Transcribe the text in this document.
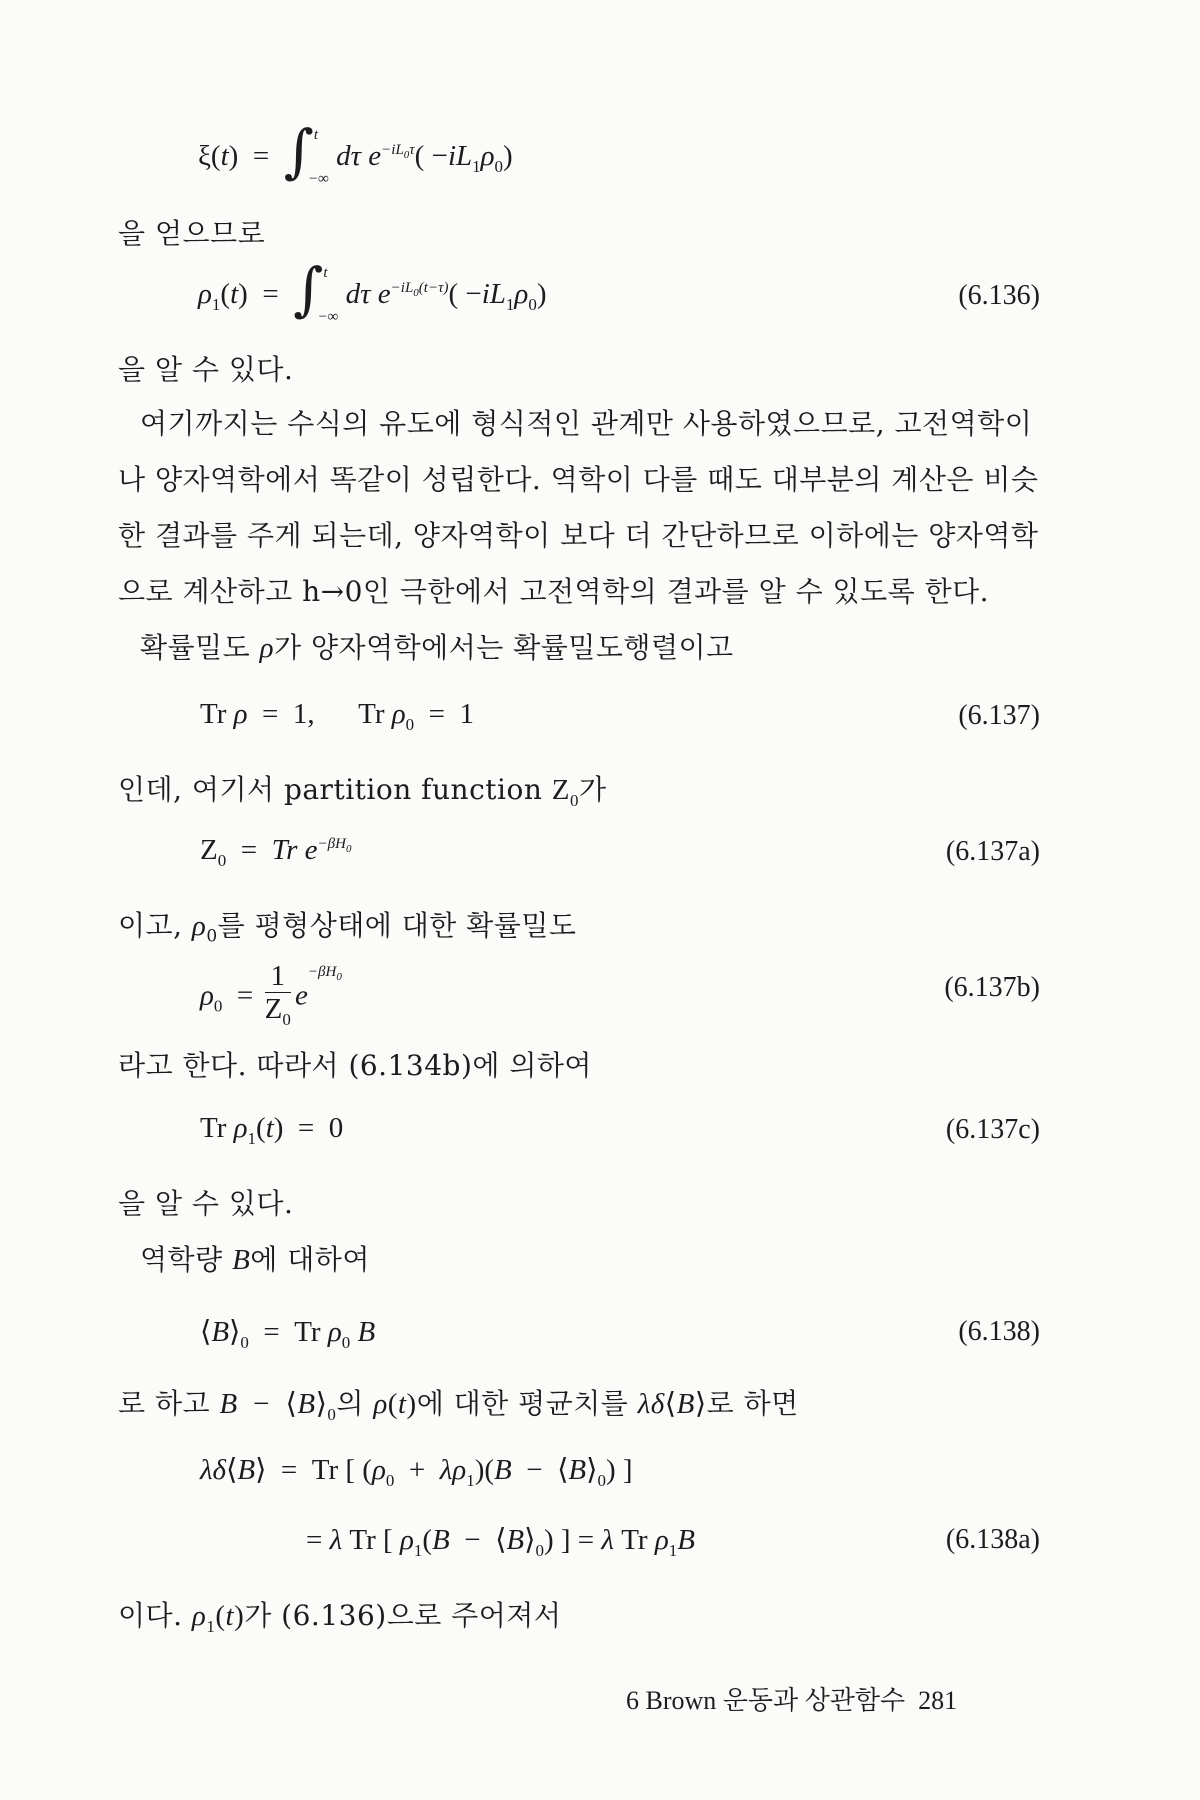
ξ(t)  =  ∫$^t_{-\infty}$ dτ $e^{-iL_0\tau}( -iL_1\rho_0)$
을 얻으므로
$\rho_1(t) = \int^t_{-\infty}$ dτ $e^{-iL_0(t-\tau)}( -iL_1\rho_0)$	(6.136)
을 알 수 있다.
여기까지는 수식의 유도에 형식적인 관계만 사용하였으므로, 고전역학이
나 양자역학에서 똑같이 성립한다. 역학이 다를 때도 대부분의 계산은 비슷
한 결과를 주게 되는데, 양자역학이 보다 더 간단하므로 이하에는 양자역학
으로 계산하고 h→0인 극한에서 고전역학의 결과를 알 수 있도록 한다.
확률밀도 ρ가 양자역학에서는 확률밀도행렬이고
Tr ρ  =  1,      Tr $\rho_0 = 1$	(6.137)
인데, 여기서 partition function $Z_0$가
$Z_0 = Tr$ $e^{-\beta H_0}$	(6.137a)
이고, $\rho_0$를 평형상태에 대한 확률밀도
$\rho_0 = \frac{1}{Z_0} e^{-\beta H_0}$	(6.137b)
라고 한다. 따라서 (6.134b)에 의하여
Tr $\rho_1(t) = 0$	(6.137c)
을 알 수 있다.
역학량 B에 대하여
$⟨B⟩_0 = Tr$ $\rho_0$ B	(6.138)
로 하고 $B - ⟨B⟩_0$의 ρ(t)에 대한 평균치를 λδ⟨B⟩로 하면
λδ⟨B⟩  =  Tr [ $(\rho_0 + \lambda\rho_1)(B$  −  $⟨B⟩_0$) ]
= λ Tr [ $\rho_1(B$  −  $⟨B⟩_0$) ] = λ Tr $\rho_1B$	(6.138a)
이다. $\rho_1(t)$가 (6.136)으로 주어져서
6 Brown 운동과 상관함수 281
